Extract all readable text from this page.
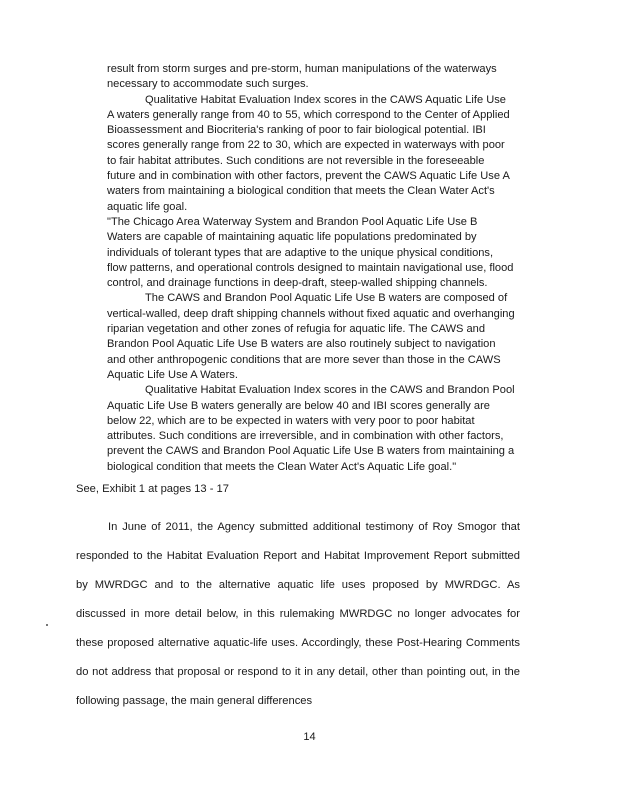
result from storm surges and pre-storm, human manipulations of the waterways necessary to accommodate such surges.

Qualitative Habitat Evaluation Index scores in the CAWS Aquatic Life Use A waters generally range from 40 to 55, which correspond to the Center of Applied Bioassessment and Biocriteria's ranking of poor to fair biological potential. IBI scores generally range from 22 to 30, which are expected in waterways with poor to fair habitat attributes. Such conditions are not reversible in the foreseeable future and in combination with other factors, prevent the CAWS Aquatic Life Use A waters from maintaining a biological condition that meets the Clean Water Act's aquatic life goal.

"The Chicago Area Waterway System and Brandon Pool Aquatic Life Use B Waters are capable of maintaining aquatic life populations predominated by individuals of tolerant types that are adaptive to the unique physical conditions, flow patterns, and operational controls designed to maintain navigational use, flood control, and drainage functions in deep-draft, steep-walled shipping channels.

The CAWS and Brandon Pool Aquatic Life Use B waters are composed of vertical-walled, deep draft shipping channels without fixed aquatic and overhanging riparian vegetation and other zones of refugia for aquatic life. The CAWS and Brandon Pool Aquatic Life Use B waters are also routinely subject to navigation and other anthropogenic conditions that are more sever than those in the CAWS Aquatic Life Use A Waters.

Qualitative Habitat Evaluation Index scores in the CAWS and Brandon Pool Aquatic Life Use B waters generally are below 40 and IBI scores generally are below 22, which are to be expected in waters with very poor to poor habitat attributes. Such conditions are irreversible, and in combination with other factors, prevent the CAWS and Brandon Pool Aquatic Life Use B waters from maintaining a biological condition that meets the Clean Water Act's Aquatic Life goal."

See, Exhibit 1 at pages 13 - 17

In June of 2011, the Agency submitted additional testimony of Roy Smogor that responded to the Habitat Evaluation Report and Habitat Improvement Report submitted by MWRDGC and to the alternative aquatic life uses proposed by MWRDGC. As discussed in more detail below, in this rulemaking MWRDGC no longer advocates for these proposed alternative aquatic-life uses. Accordingly, these Post-Hearing Comments do not address that proposal or respond to it in any detail, other than pointing out, in the following passage, the main general differences

14
